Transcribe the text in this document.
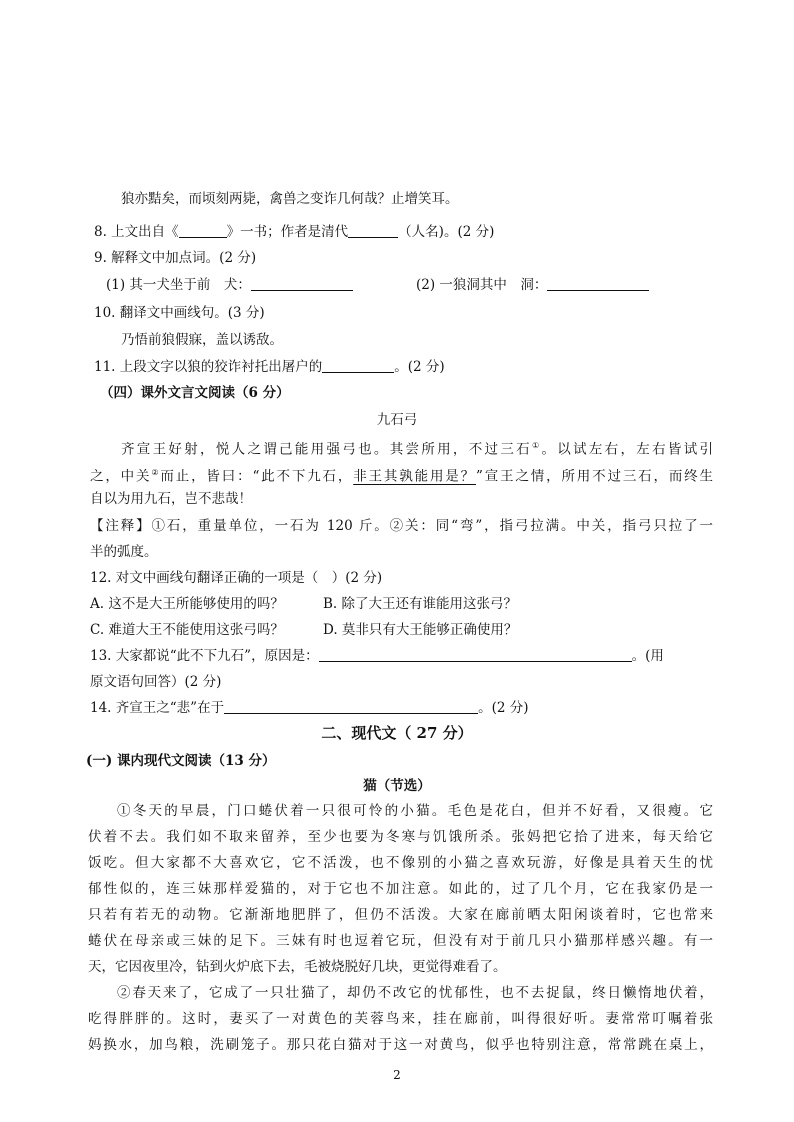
狼亦黠矣，而顷刻两毙，禽兽之变诈几何哉？止增笑耳。
8. 上文出自《	》一书；作者是清代	（人名)。(2 分)
9. 解释文中加点词。(2 分)
(1) 其一犬坐于前　犬：	(2) 一狼洞其中　洞：
10. 翻译文中画线句。(3 分)
乃悟前狼假寐，盖以诱敌。
11. 上段文字以狼的狡诈衬托出屠户的	。(2 分)
（四）课外文言文阅读（6 分）
九石弓
齐宣王好射，悦人之谓己能用强弓也。其尝所用，不过三石①。以试左右，左右皆试引
之，中关②而止，皆曰：“此不下九石，非王其孰能用是？”宣王之情，所用不过三石，而终生
自以为用九石，岂不悲哉！
【注释】①石，重量单位，一石为 120 斤。②关：同“弯”，指弓拉满。中关，指弓只拉了一
半的弧度。
12. 对文中画线句翻译正确的一项是（　）(2 分)
A. 这不是大王所能够使用的吗？	B. 除了大王还有谁能用这张弓？
C. 难道大王不能使用这张弓吗？	D. 莫非只有大王能够正确使用？
13. 大家都说“此不下九石”，原因是：	。(用
原文语句回答）(2 分)
14. 齐宣王之“悲”在于	。(2 分)
二、现代文（ 27 分）
(一) 课内现代文阅读（13 分）
猫（节选）
①冬天的早晨，门口蜷伏着一只很可怜的小猫。毛色是花白，但并不好看，又很瘦。它
伏着不去。我们如不取来留养，至少也要为冬寒与饥饿所杀。张妈把它拾了进来，每天给它
饭吃。但大家都不大喜欢它，它不活泼，也不像别的小猫之喜欢玩游，好像是具着天生的忧
郁性似的，连三妹那样爱猫的，对于它也不加注意。如此的，过了几个月，它在我家仍是一
只若有若无的动物。它渐渐地肥胖了，但仍不活泼。大家在廊前晒太阳闲谈着时，它也常来
蜷伏在母亲或三妹的足下。三妹有时也逗着它玩，但没有对于前几只小猫那样感兴趣。有一
天，它因夜里冷，钻到火炉底下去，毛被烧脱好几块，更觉得难看了。
②春天来了，它成了一只壮猫了，却仍不改它的忧郁性，也不去捉鼠，终日懒惰地伏着，
吃得胖胖的。这时，妻买了一对黄色的芙蓉鸟来，挂在廊前，叫得很好听。妻常常叮嘱着张
妈换水，加鸟粮，洗刷笼子。那只花白猫对于这一对黄鸟，似乎也特别注意，常常跳在桌上，
2
